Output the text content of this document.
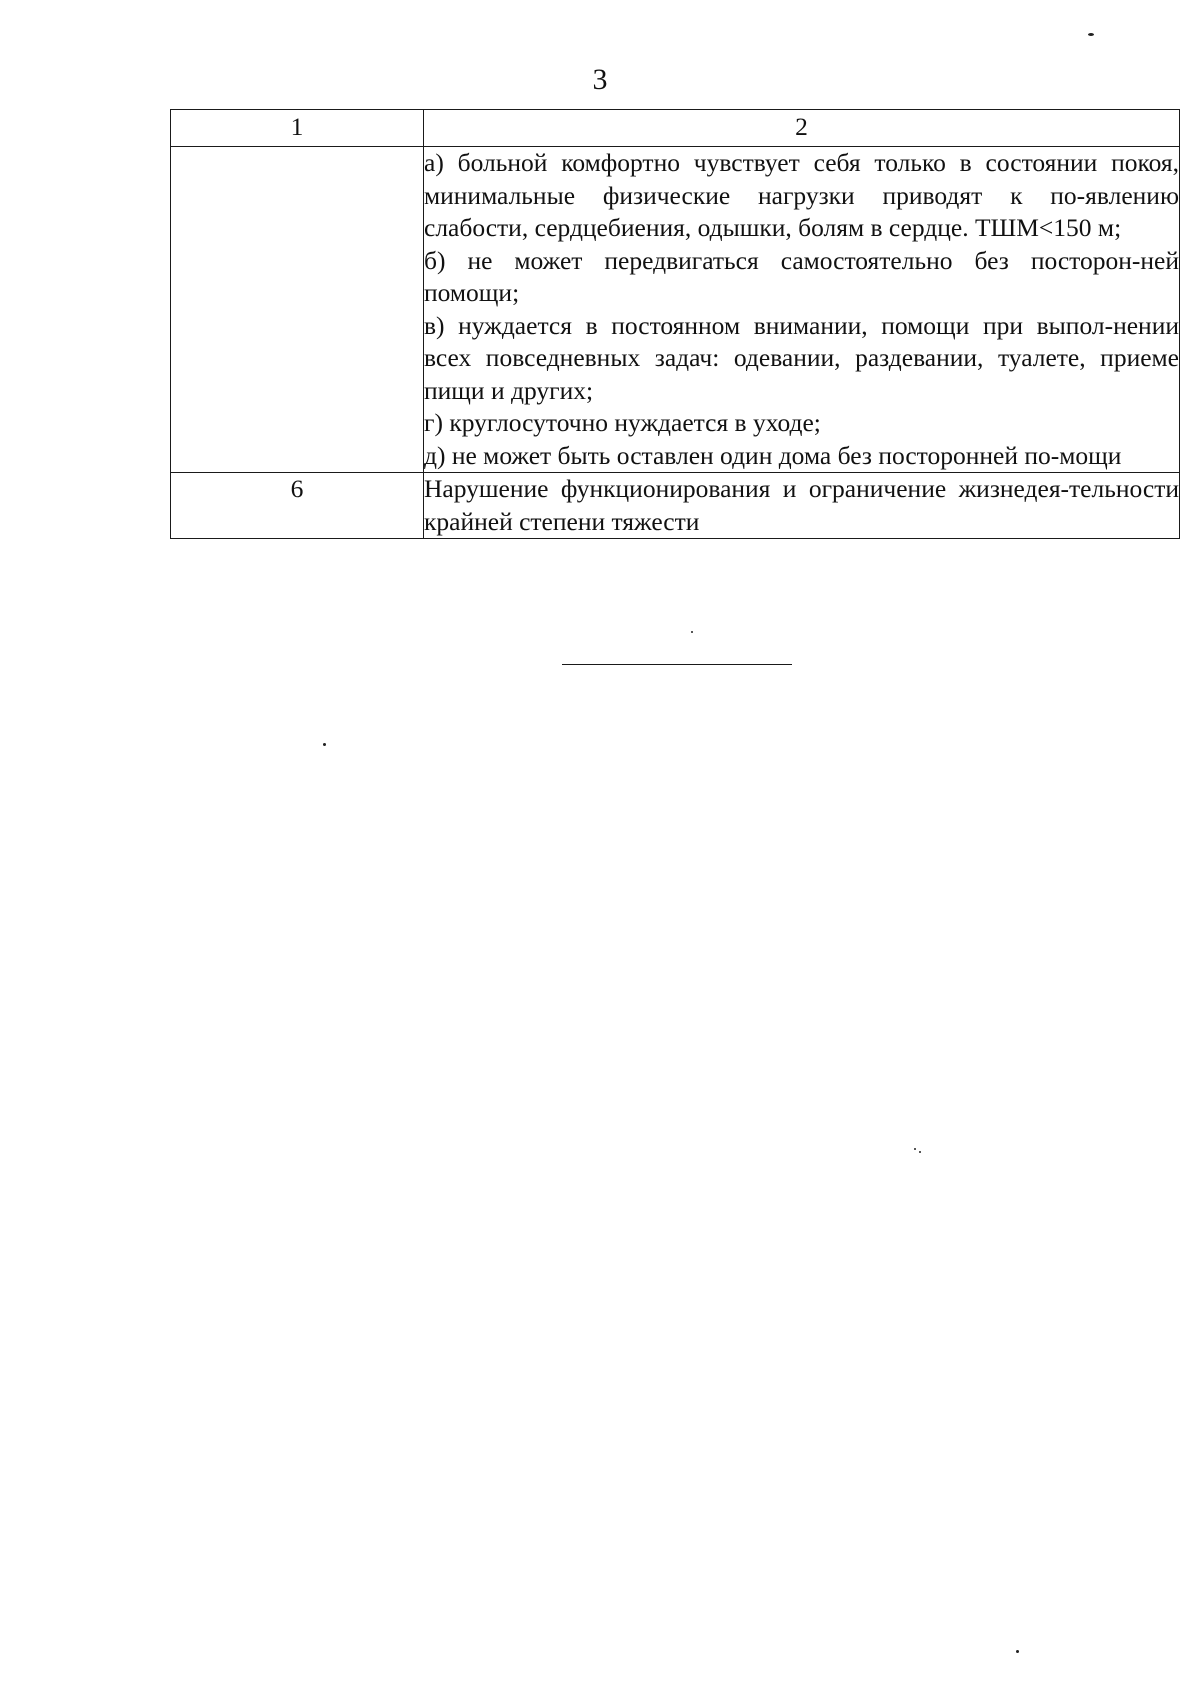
3
1	2

	а) больной комфортно чувствует себя только в состоянии покоя, минимальные физические нагрузки приводят к по-явлению слабости, сердцебиения, одышки, болям в сердце. ТШМ<150 м;
б) не может передвигаться самостоятельно без посторон-ней помощи;
в) нуждается в постоянном внимании, помощи при выпол-нении всех повседневных задач: одевании, раздевании, туалете, приеме пищи и других;
г) круглосуточно нуждается в уходе;
д) не может быть оставлен один дома без посторонней по-мощи

6	Нарушение функционирования и ограничение жизнедея-тельности крайней степени тяжести
